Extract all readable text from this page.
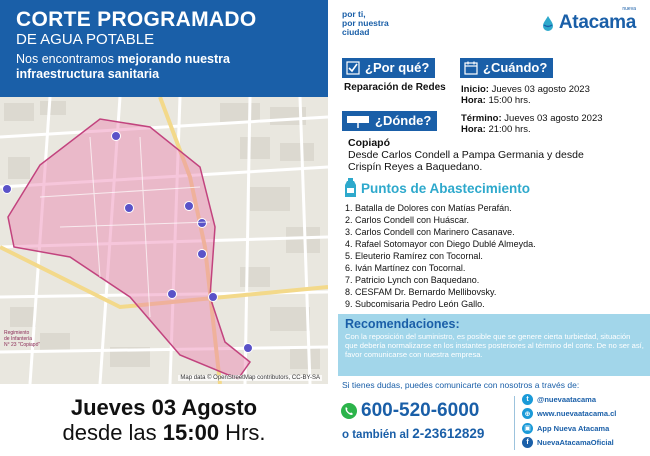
CORTE PROGRAMADO
DE AGUA POTABLE
Nos encontramos mejorando nuestra
infraestructura sanitaria
Regimiento
de Infantería
N° 23 "Copiapó"
Map data © OpenStreetMap contributors, CC-BY-SA
Jueves 03 Agosto
desde las 15:00 Hrs.
por ti,
por nuestra
ciudad	Atacama
nueva
¿Por qué?
Reparación de Redes
¿Cuándo?
Inicio: Jueves 03 agosto 2023
Hora: 15:00 hrs.
Término: Jueves 03 agosto 2023
Hora: 21:00 hrs.
¿Dónde?
Copiapó
Desde Carlos Condell a Pampa Germania y desde
Crispín Reyes a Baquedano.
Puntos de Abastecimiento
1. Batalla de Dolores con Matías Perafán.
2. Carlos Condell con Huáscar.
3. Carlos Condell con Marinero Casanave.
4. Rafael Sotomayor con Diego Dublé Almeyda.
5. Eleuterio Ramírez con Tocornal.
6. Iván Martínez con Tocornal.
7. Patricio Lynch con Baquedano.
8. CESFAM Dr. Bernardo Mellibovsky.
9. Subcomisaria Pedro León Gallo.
Recomendaciones:
Con la reposición del suministro, es posible que se genere cierta turbiedad, situación que debería normalizarse en los instantes posteriores al término del corte. De no ser así, favor comunicarse con nuestra empresa.
Si tienes dudas, puedes comunicarte con nosotros a través de:
600-520-6000
o también al 2-23612829
t	@nuevaatacama
⊕ www.nuevaatacama.cl
▣ App Nueva Atacama
f	NuevaAtacamaOficial
